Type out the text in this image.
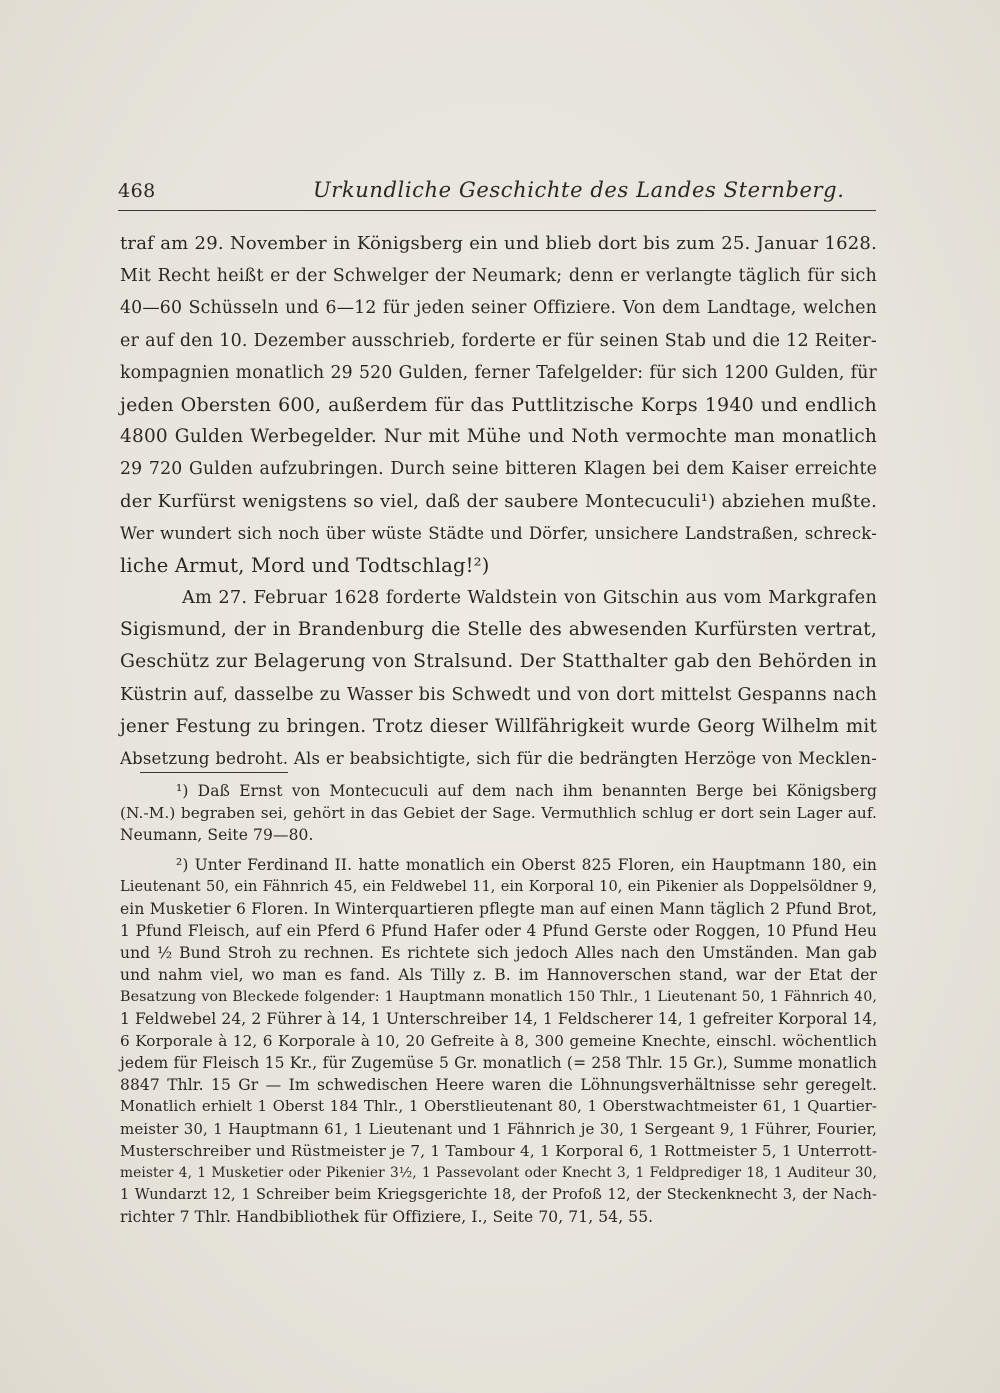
468	Urkundliche Geschichte des Landes Sternberg.
traf am 29. November in Königsberg ein und blieb dort bis zum 25. Januar 1628.
Mit Recht heißt er der Schwelger der Neumark; denn er verlangte täglich für sich
40—60 Schüsseln und 6—12 für jeden seiner Offiziere. Von dem Landtage, welchen
er auf den 10. Dezember ausschrieb, forderte er für seinen Stab und die 12 Reiter-
kompagnien monatlich 29 520 Gulden, ferner Tafelgelder: für sich 1200 Gulden, für
jeden Obersten 600, außerdem für das Puttlitzische Korps 1940 und endlich
4800 Gulden Werbegelder. Nur mit Mühe und Noth vermochte man monatlich
29 720 Gulden aufzubringen. Durch seine bitteren Klagen bei dem Kaiser erreichte
der Kurfürst wenigstens so viel, daß der saubere Montecuculi¹) abziehen mußte.
Wer wundert sich noch über wüste Städte und Dörfer, unsichere Landstraßen, schreck-
liche Armut, Mord und Todtschlag!²)
Am 27. Februar 1628 forderte Waldstein von Gitschin aus vom Markgrafen
Sigismund, der in Brandenburg die Stelle des abwesenden Kurfürsten vertrat,
Geschütz zur Belagerung von Stralsund. Der Statthalter gab den Behörden in
Küstrin auf, dasselbe zu Wasser bis Schwedt und von dort mittelst Gespanns nach
jener Festung zu bringen. Trotz dieser Willfährigkeit wurde Georg Wilhelm mit
Absetzung bedroht. Als er beabsichtigte, sich für die bedrängten Herzöge von Mecklen-
¹) Daß Ernst von Montecuculi auf dem nach ihm benannten Berge bei Königsberg
(N.-M.) begraben sei, gehört in das Gebiet der Sage. Vermuthlich schlug er dort sein Lager auf.
Neumann, Seite 79—80.
²) Unter Ferdinand II. hatte monatlich ein Oberst 825 Floren, ein Hauptmann 180, ein
Lieutenant 50, ein Fähnrich 45, ein Feldwebel 11, ein Korporal 10, ein Pikenier als Doppelsöldner 9,
ein Musketier 6 Floren. In Winterquartieren pflegte man auf einen Mann täglich 2 Pfund Brot,
1 Pfund Fleisch, auf ein Pferd 6 Pfund Hafer oder 4 Pfund Gerste oder Roggen, 10 Pfund Heu
und ½ Bund Stroh zu rechnen. Es richtete sich jedoch Alles nach den Umständen. Man gab
und nahm viel, wo man es fand. Als Tilly z. B. im Hannoverschen stand, war der Etat der
Besatzung von Bleckede folgender: 1 Hauptmann monatlich 150 Thlr., 1 Lieutenant 50, 1 Fähnrich 40,
1 Feldwebel 24, 2 Führer à 14, 1 Unterschreiber 14, 1 Feldscherer 14, 1 gefreiter Korporal 14,
6 Korporale à 12, 6 Korporale à 10, 20 Gefreite à 8, 300 gemeine Knechte, einschl. wöchentlich
jedem für Fleisch 15 Kr., für Zugemüse 5 Gr. monatlich (= 258 Thlr. 15 Gr.), Summe monatlich
8847 Thlr. 15 Gr — Im schwedischen Heere waren die Löhnungsverhältnisse sehr geregelt.
Monatlich erhielt 1 Oberst 184 Thlr., 1 Oberstlieutenant 80, 1 Oberstwachtmeister 61, 1 Quartier-
meister 30, 1 Hauptmann 61, 1 Lieutenant und 1 Fähnrich je 30, 1 Sergeant 9, 1 Führer, Fourier,
Musterschreiber und Rüstmeister je 7, 1 Tambour 4, 1 Korporal 6, 1 Rottmeister 5, 1 Unterrott-
meister 4, 1 Musketier oder Pikenier 3½, 1 Passevolant oder Knecht 3, 1 Feldprediger 18, 1 Auditeur 30,
1 Wundarzt 12, 1 Schreiber beim Kriegsgerichte 18, der Profoß 12, der Steckenknecht 3, der Nach-
richter 7 Thlr. Handbibliothek für Offiziere, I., Seite 70, 71, 54, 55.
